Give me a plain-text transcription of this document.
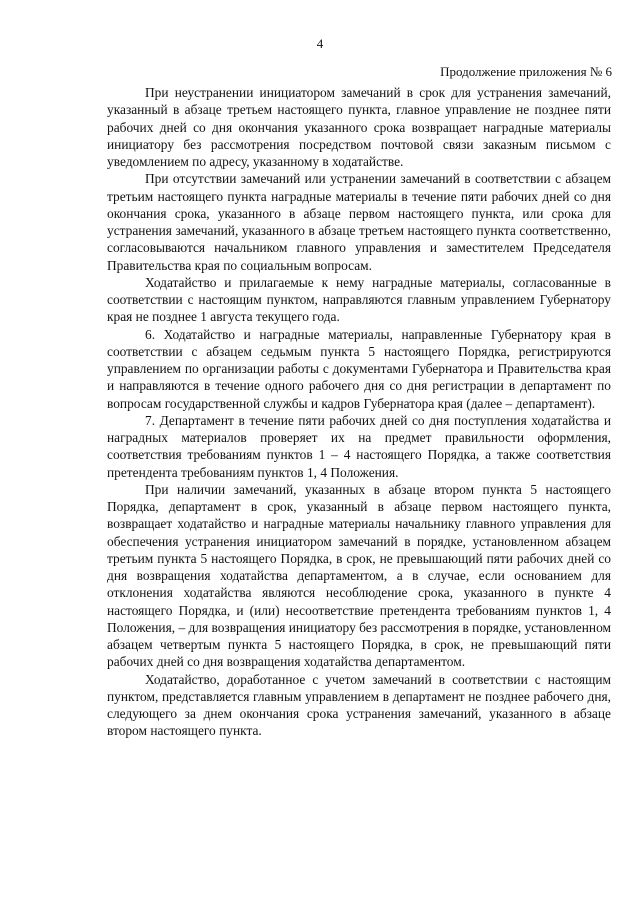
4
Продолжение приложения № 6

При неустранении инициатором замечаний в срок для устранения замечаний, указанный в абзаце третьем настоящего пункта, главное управление не позднее пяти рабочих дней со дня окончания указанного срока возвращает наградные материалы инициатору без рассмотрения посредством почтовой связи заказным письмом с уведомлением по адресу, указанному в ходатайстве.

При отсутствии замечаний или устранении замечаний в соответствии с абзацем третьим настоящего пункта наградные материалы в течение пяти рабочих дней со дня окончания срока, указанного в абзаце первом настоящего пункта, или срока для устранения замечаний, указанного в абзаце третьем настоящего пункта соответственно, согласовываются начальником главного управления и заместителем Председателя Правительства края по социальным вопросам.

Ходатайство и прилагаемые к нему наградные материалы, согласованные в соответствии с настоящим пунктом, направляются главным управлением Губернатору края не позднее 1 августа текущего года.

6. Ходатайство и наградные материалы, направленные Губернатору края в соответствии с абзацем седьмым пункта 5 настоящего Порядка, регистрируются управлением по организации работы с документами Губернатора и Правительства края и направляются в течение одного рабочего дня со дня регистрации в департамент по вопросам государственной службы и кадров Губернатора края (далее – департамент).

7. Департамент в течение пяти рабочих дней со дня поступления ходатайства и наградных материалов проверяет их на предмет правильности оформления, соответствия требованиям пунктов 1 – 4 настоящего Порядка, а также соответствия претендента требованиям пунктов 1, 4 Положения.

При наличии замечаний, указанных в абзаце втором пункта 5 настоящего Порядка, департамент в срок, указанный в абзаце первом настоящего пункта, возвращает ходатайство и наградные материалы начальнику главного управления для обеспечения устранения инициатором замечаний в порядке, установленном абзацем третьим пункта 5 настоящего Порядка, в срок, не превышающий пяти рабочих дней со дня возвращения ходатайства департаментом, а в случае, если основанием для отклонения ходатайства являются несоблюдение срока, указанного в пункте 4 настоящего Порядка, и (или) несоответствие претендента требованиям пунктов 1, 4 Положения, – для возвращения инициатору без рассмотрения в порядке, установленном абзацем четвертым пункта 5 настоящего Порядка, в срок, не превышающий пяти рабочих дней со дня возвращения ходатайства департаментом.

Ходатайство, доработанное с учетом замечаний в соответствии с настоящим пунктом, представляется главным управлением в департамент не позднее рабочего дня, следующего за днем окончания срока устранения замечаний, указанного в абзаце втором настоящего пункта.
